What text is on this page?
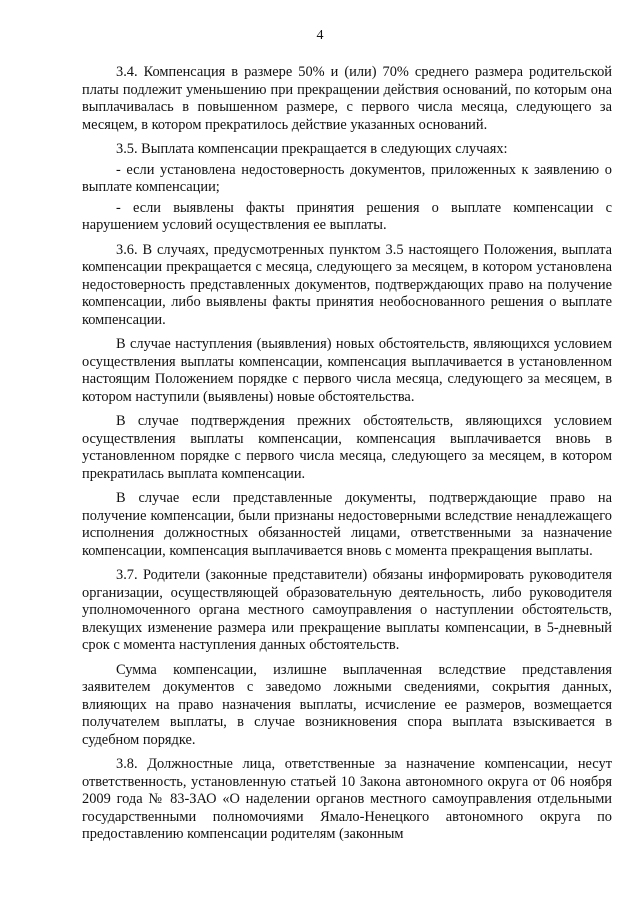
4

3.4. Компенсация в размере 50% и (или) 70% среднего размера родительской платы подлежит уменьшению при прекращении действия оснований, по которым она выплачивалась в повышенном размере, с первого числа месяца, следующего за месяцем, в котором прекратилось действие указанных оснований.

3.5. Выплата компенсации прекращается в следующих случаях:

- если установлена недостоверность документов, приложенных к заявлению о выплате компенсации;

- если выявлены факты принятия решения о выплате компенсации с нарушением условий осуществления ее выплаты.

3.6. В случаях, предусмотренных пунктом 3.5 настоящего Положения, выплата компенсации прекращается с месяца, следующего за месяцем, в котором установлена недостоверность представленных документов, подтверждающих право на получение компенсации, либо выявлены факты принятия необоснованного решения о выплате компенсации.

В случае наступления (выявления) новых обстоятельств, являющихся условием осуществления выплаты компенсации, компенсация выплачивается в установленном настоящим Положением порядке с первого числа месяца, следующего за месяцем, в котором наступили (выявлены) новые обстоятельства.

В случае подтверждения прежних обстоятельств, являющихся условием осуществления выплаты компенсации, компенсация выплачивается вновь в установленном порядке с первого числа месяца, следующего за месяцем, в котором прекратилась выплата компенсации.

В случае если представленные документы, подтверждающие право на получение компенсации, были признаны недостоверными вследствие ненадлежащего исполнения должностных обязанностей лицами, ответственными за назначение компенсации, компенсация выплачивается вновь с момента прекращения выплаты.

3.7. Родители (законные представители) обязаны информировать руководителя организации, осуществляющей образовательную деятельность, либо руководителя уполномоченного органа местного самоуправления о наступлении обстоятельств, влекущих изменение размера или прекращение выплаты компенсации, в 5-дневный срок с момента наступления данных обстоятельств.

Сумма компенсации, излишне выплаченная вследствие представления заявителем документов с заведомо ложными сведениями, сокрытия данных, влияющих на право назначения выплаты, исчисление ее размеров, возмещается получателем выплаты, в случае возникновения спора выплата взыскивается в судебном порядке.

3.8. Должностные лица, ответственные за назначение компенсации, несут ответственность, установленную статьей 10 Закона автономного округа от 06 ноября 2009 года № 83-ЗАО «О наделении органов местного самоуправления отдельными государственными полномочиями Ямало-Ненецкого автономного округа по предоставлению компенсации родителям (законным
